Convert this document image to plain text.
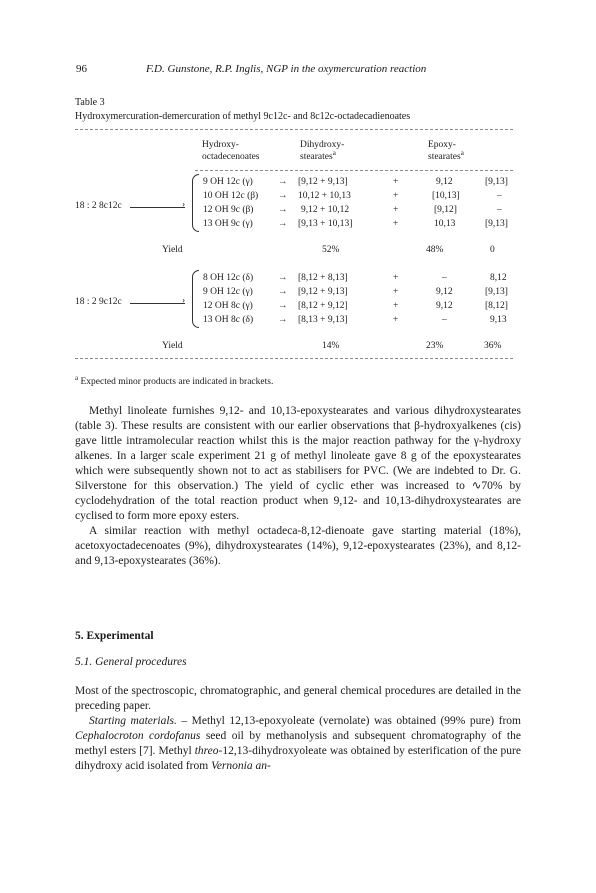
96	F.D. Gunstone, R.P. Inglis, NGP in the oxymercuration reaction
Table 3
Hydroxymercuration-demercuration of methyl 9c12c- and 8c12c-octadecadienoates
Hydroxy-
octadecenoates
Dihydroxy-
stearates$^a$
Epoxy-
stearates$^a$
18 : 2 8c12c	›
9 OH 12c (γ)	→ [9,12 + 9,13]	+	9,12	[9,13]
10 OH 12c (β) → 10,12 + 10,13	+	[10,13]	–
12 OH 9c (β)	→ 9,12 + 10,12	+	[9,12]	–
13 OH 9c (γ)	→ [9,13 + 10,13]	+	10,13	[9,13]
Yield	52%	48%	0
18 : 2 9c12c	›
8 OH 12c (δ)	→ [8,12 + 8,13]	+	–	8,12
9 OH 12c (γ)	→ [9,12 + 9,13]	+	9,12	[9,13]
12 OH 8c (γ)	→ [8,12 + 9,12]	+	9,12	[8,12]
13 OH 8c (δ)	→ [8,13 + 9,13]	+	–	9,13
Yield	14%	23%	36%
$^a$ Expected minor products are indicated in brackets.

Methyl linoleate furnishes 9,12- and 10,13-epoxystearates and various dihydroxystearates (table 3). These results are consistent with our earlier observations that β-hydroxyalkenes (cis) gave little intramolecular reaction whilst this is the major reaction pathway for the γ-hydroxy alkenes. In a larger scale experiment 21 g of methyl linoleate gave 8 g of the epoxystearates which were subsequently shown not to act as stabilisers for PVC. (We are indebted to Dr. G. Silverstone for this observation.) The yield of cyclic ether was increased to ∿70% by cyclodehydration of the total reaction product when 9,12- and 10,13-dihydroxystearates are cyclised to form more epoxy esters.

A similar reaction with methyl octadeca-8,12-dienoate gave starting material (18%), acetoxyoctadecenoates (9%), dihydroxystearates (14%), 9,12-epoxystearates (23%), and 8,12- and 9,13-epoxystearates (36%).

5. Experimental
5.1. General procedures

Most of the spectroscopic, chromatographic, and general chemical procedures are detailed in the preceding paper.

Starting materials. – Methyl 12,13-epoxyoleate (vernolate) was obtained (99% pure) from Cephalocroton cordofanus seed oil by methanolysis and subsequent chromatography of the methyl esters [7]. Methyl threo-12,13-dihydroxyoleate was obtained by esterification of the pure dihydroxy acid isolated from Vernonia an-
